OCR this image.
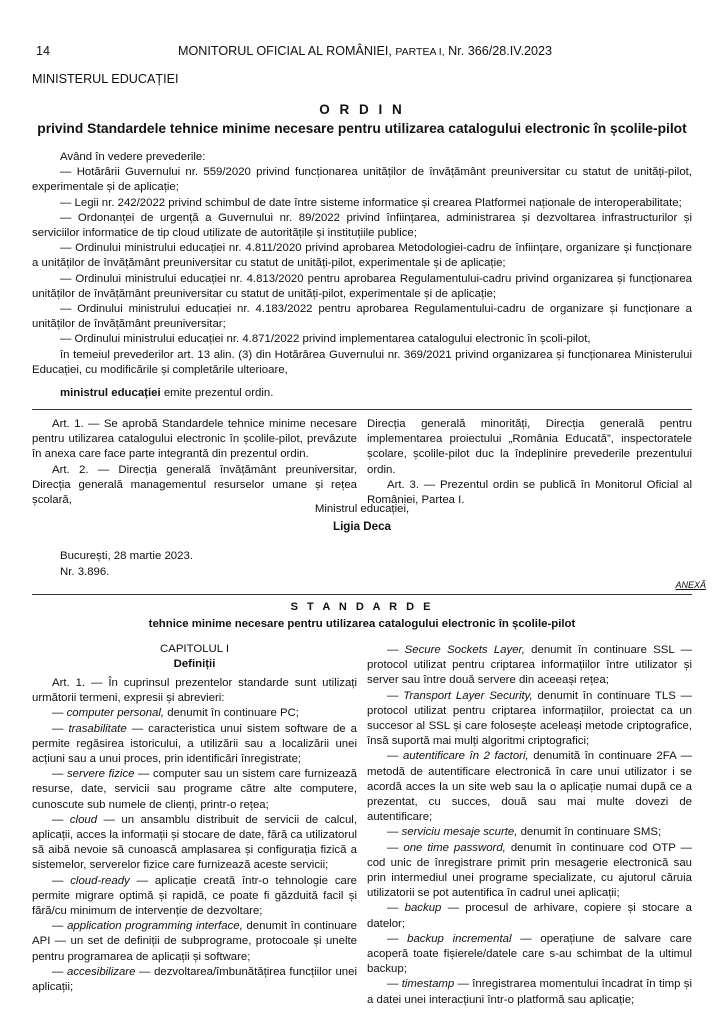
14	MONITORUL OFICIAL AL ROMÂNIEI, PARTEA I, Nr. 366/28.IV.2023
MINISTERUL EDUCAȚIEI
O R D I N
privind Standardele tehnice minime necesare pentru utilizarea catalogului electronic în școlile-pilot

Având în vedere prevederile:

— Hotărârii Guvernului nr. 559/2020 privind funcționarea unităților de învățământ preuniversitar cu statut de unități-pilot, experimentale și de aplicație;

— Legii nr. 242/2022 privind schimbul de date între sisteme informatice și crearea Platformei naționale de interoperabilitate;

— Ordonanței de urgență a Guvernului nr. 89/2022 privind înființarea, administrarea și dezvoltarea infrastructurilor și serviciilor informatice de tip cloud utilizate de autoritățile și instituțiile publice;

— Ordinului ministrului educației nr. 4.811/2020 privind aprobarea Metodologiei-cadru de înființare, organizare și funcționare a unităților de învățământ preuniversitar cu statut de unități-pilot, experimentale și de aplicație;

— Ordinului ministrului educației nr. 4.813/2020 pentru aprobarea Regulamentului-cadru privind organizarea și funcționarea unităților de învățământ preuniversitar cu statut de unități-pilot, experimentale și de aplicație;

— Ordinului ministrului educației nr. 4.183/2022 pentru aprobarea Regulamentului-cadru de organizare și funcționare a unităților de învățământ preuniversitar;

— Ordinului ministrului educației nr. 4.871/2022 privind implementarea catalogului electronic în școli-pilot,

în temeiul prevederilor art. 13 alin. (3) din Hotărârea Guvernului nr. 369/2021 privind organizarea și funcționarea Ministerului Educației, cu modificările și completările ulterioare,

ministrul educației emite prezentul ordin.

Art. 1. — Se aprobă Standardele tehnice minime necesare pentru utilizarea catalogului electronic în școlile-pilot, prevăzute în anexa care face parte integrantă din prezentul ordin.

Art. 2. — Direcția generală învățământ preuniversitar, Direcția generală managementul resurselor umane și rețea școlară,

Direcția generală minorități, Direcția generală pentru implementarea proiectului „România Educată”, inspectoratele școlare, școlile-pilot duc la îndeplinire prevederile prezentului ordin.

Art. 3. — Prezentul ordin se publică în Monitorul Oficial al României, Partea I.

Ministrul educației,
Ligia Deca
București, 28 martie 2023.
Nr. 3.896.
ANEXĂ
S T A N D A R D E
tehnice minime necesare pentru utilizarea catalogului electronic în școlile-pilot
CAPITOLUL I
Definiții

Art. 1. — În cuprinsul prezentelor standarde sunt utilizați următorii termeni, expresii și abrevieri:

— computer personal, denumit în continuare PC;

— trasabilitate — caracteristica unui sistem software de a permite regăsirea istoricului, a utilizării sau a localizării unei acțiuni sau a unui proces, prin identificări înregistrate;

— servere fizice — computer sau un sistem care furnizează resurse, date, servicii sau programe către alte computere, cunoscute sub numele de clienți, printr-o rețea;

— cloud — un ansamblu distribuit de servicii de calcul, aplicații, acces la informații și stocare de date, fără ca utilizatorul să aibă nevoie să cunoască amplasarea și configurația fizică a sistemelor, serverelor fizice care furnizează aceste servicii;

— cloud-ready — aplicație creată într-o tehnologie care permite migrare optimă și rapidă, ce poate fi găzduită facil și fără/cu minimum de intervenție de dezvoltare;

— application programming interface, denumit în continuare API — un set de definiții de subprograme, protocoale și unelte pentru programarea de aplicații și software;

— accesibilizare — dezvoltarea/îmbunătățirea funcțiilor unei aplicații;

— Secure Sockets Layer, denumit în continuare SSL — protocol utilizat pentru criptarea informațiilor între utilizator și server sau între două servere din aceeași rețea;

— Transport Layer Security, denumit în continuare TLS — protocol utilizat pentru criptarea informațiilor, proiectat ca un succesor al SSL și care folosește aceleași metode criptografice, însă suportă mai mulți algoritmi criptografici;

— autentificare în 2 factori, denumită în continuare 2FA — metodă de autentificare electronică în care unui utilizator i se acordă acces la un site web sau la o aplicație numai după ce a prezentat, cu succes, două sau mai multe dovezi de autentificare;

— serviciu mesaje scurte, denumit în continuare SMS;

— one time password, denumit în continuare cod OTP — cod unic de înregistrare primit prin mesagerie electronică sau prin intermediul unei programe specializate, cu ajutorul căruia utilizatorii se pot autentifica în cadrul unei aplicații;

— backup — procesul de arhivare, copiere și stocare a datelor;

— backup incremental — operațiune de salvare care acoperă toate fișierele/datele care s-au schimbat de la ultimul backup;

— timestamp — înregistrarea momentului încadrat în timp și a datei unei interacțiuni într-o platformă sau aplicație;
